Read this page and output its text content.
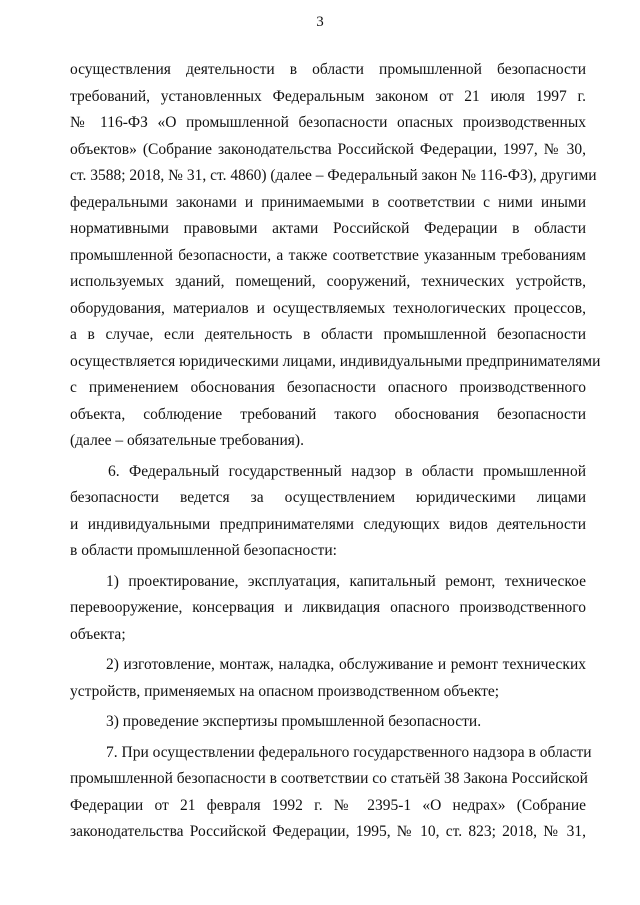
3
осуществления деятельности в области промышленной безопасности
требований, установленных Федеральным законом от 21 июля 1997 г.
№ 116-ФЗ «О промышленной безопасности опасных производственных
объектов» (Собрание законодательства Российской Федерации, 1997, № 30,
ст. 3588; 2018, № 31, ст. 4860) (далее – Федеральный закон № 116-ФЗ), другими
федеральными законами и принимаемыми в соответствии с ними иными
нормативными правовыми актами Российской Федерации в области
промышленной безопасности, а также соответствие указанным требованиям
используемых зданий, помещений, сооружений, технических устройств,
оборудования, материалов и осуществляемых технологических процессов,
а в случае, если деятельность в области промышленной безопасности
осуществляется юридическими лицами, индивидуальными предпринимателями
с применением обоснования безопасности опасного производственного
объекта, соблюдение требований такого обоснования безопасности
(далее – обязательные требования).
6. Федеральный государственный надзор в области промышленной
безопасности ведется за осуществлением юридическими лицами
и индивидуальными предпринимателями следующих видов деятельности
в области промышленной безопасности:
1) проектирование, эксплуатация, капитальный ремонт, техническое
перевооружение, консервация и ликвидация опасного производственного
объекта;
2) изготовление, монтаж, наладка, обслуживание и ремонт технических
устройств, применяемых на опасном производственном объекте;
3) проведение экспертизы промышленной безопасности.
7. При осуществлении федерального государственного надзора в области
промышленной безопасности в соответствии со статьёй 38 Закона Российской
Федерации от 21 февраля 1992 г. № 2395-1 «О недрах» (Собрание
законодательства Российской Федерации, 1995, № 10, ст. 823; 2018, № 31,
